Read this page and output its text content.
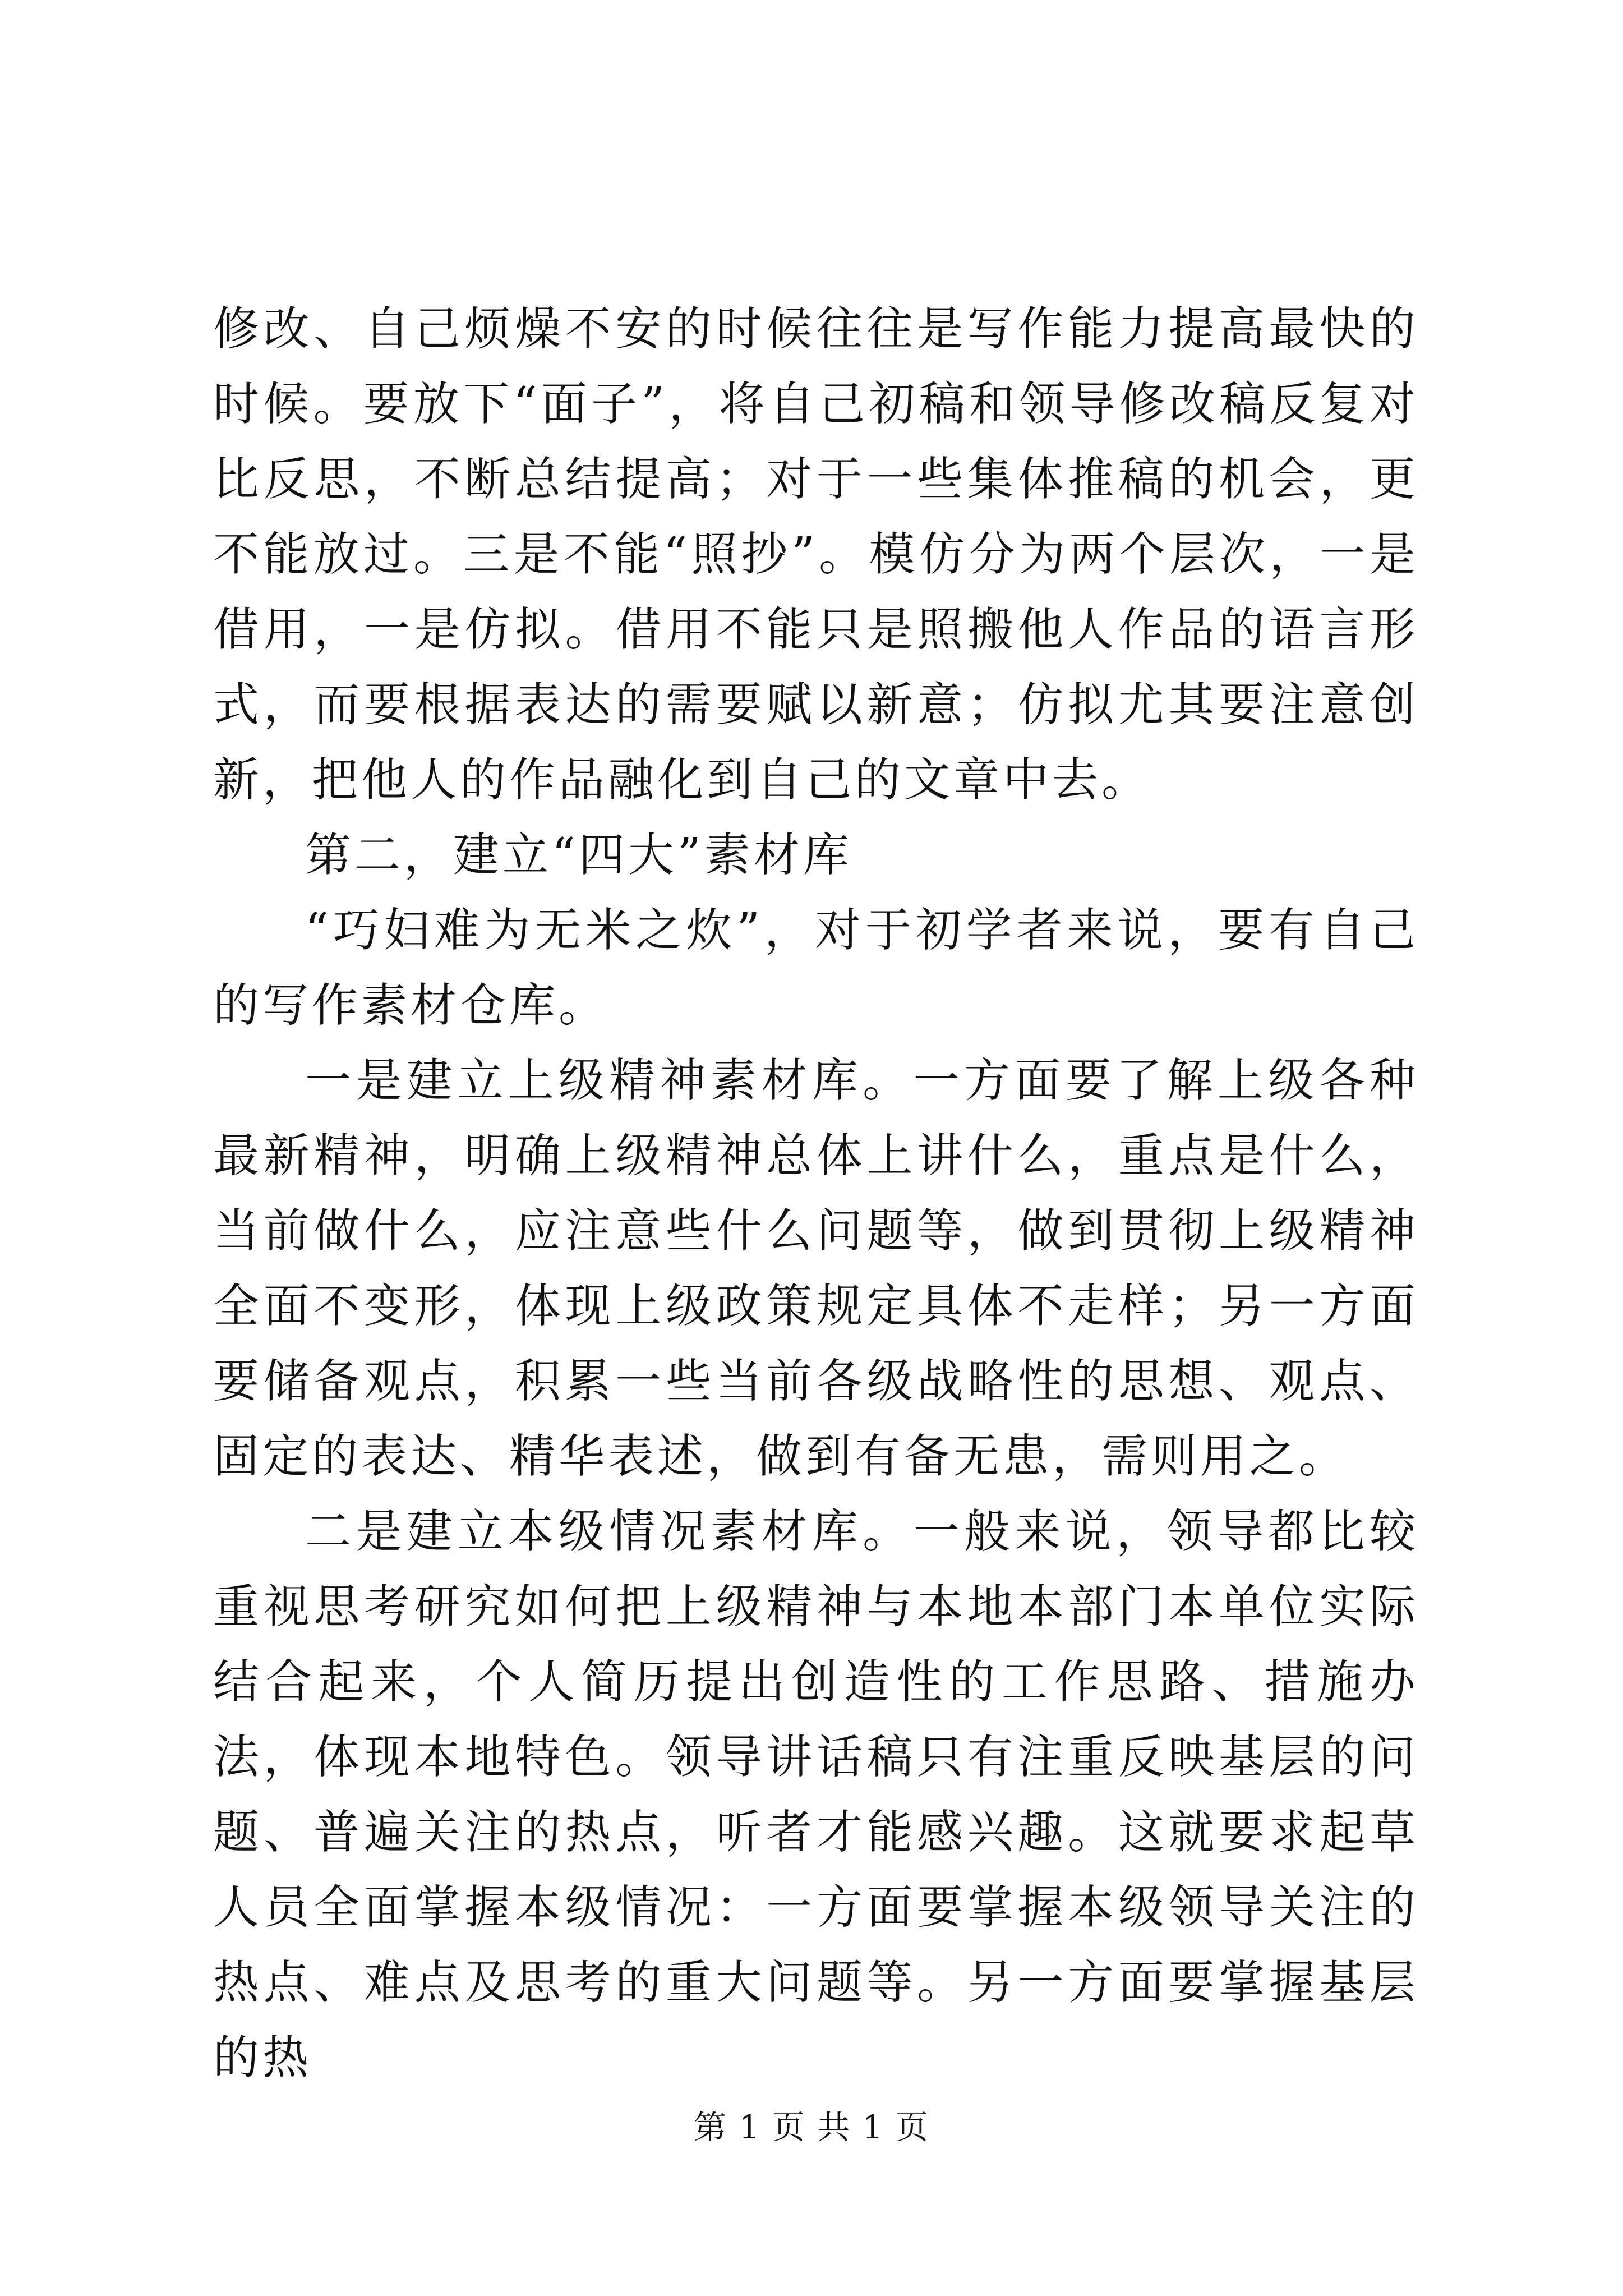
修改、自己烦燥不安的时候往往是写作能力提高最快的时候。要放下“面子”，将自己初稿和领导修改稿反复对比反思，不断总结提高；对于一些集体推稿的机会，更不能放过。三是不能“照抄”。模仿分为两个层次，一是借用，一是仿拟。借用不能只是照搬他人作品的语言形式，而要根据表达的需要赋以新意；仿拟尤其要注意创新，把他人的作品融化到自己的文章中去。

第二，建立“四大”素材库

“巧妇难为无米之炊”，对于初学者来说，要有自己的写作素材仓库。

一是建立上级精神素材库。一方面要了解上级各种最新精神，明确上级精神总体上讲什么，重点是什么，当前做什么，应注意些什么问题等，做到贯彻上级精神全面不变形，体现上级政策规定具体不走样；另一方面要储备观点，积累一些当前各级战略性的思想、观点、固定的表达、精华表述，做到有备无患，需则用之。

二是建立本级情况素材库。一般来说，领导都比较重视思考研究如何把上级精神与本地本部门本单位实际结合起来，个人简历提出创造性的工作思路、措施办法，体现本地特色。领导讲话稿只有注重反映基层的问题、普遍关注的热点，听者才能感兴趣。这就要求起草人员全面掌握本级情况：一方面要掌握本级领导关注的热点、难点及思考的重大问题等。另一方面要掌握基层的热

第 1 页 共 1 页
